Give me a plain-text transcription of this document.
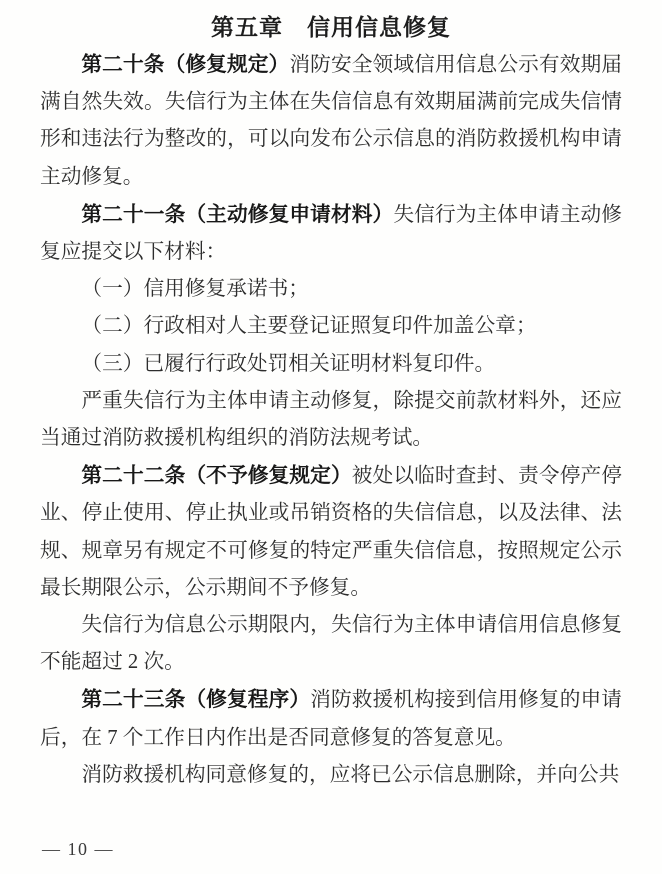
第五章　信用信息修复

第二十条（修复规定）消防安全领域信用信息公示有效期届满自然失效。失信行为主体在失信信息有效期届满前完成失信情形和违法行为整改的，可以向发布公示信息的消防救援机构申请主动修复。

第二十一条（主动修复申请材料）失信行为主体申请主动修复应提交以下材料：

（一）信用修复承诺书；

（二）行政相对人主要登记证照复印件加盖公章；

（三）已履行行政处罚相关证明材料复印件。

严重失信行为主体申请主动修复，除提交前款材料外，还应当通过消防救援机构组织的消防法规考试。

第二十二条（不予修复规定）被处以临时查封、责令停产停业、停止使用、停止执业或吊销资格的失信信息，以及法律、法规、规章另有规定不可修复的特定严重失信信息，按照规定公示最长期限公示，公示期间不予修复。

失信行为信息公示期限内，失信行为主体申请信用信息修复不能超过 2 次。

第二十三条（修复程序）消防救援机构接到信用修复的申请后，在 7 个工作日内作出是否同意修复的答复意见。

消防救援机构同意修复的，应将已公示信息删除，并向公共

— 10 —
